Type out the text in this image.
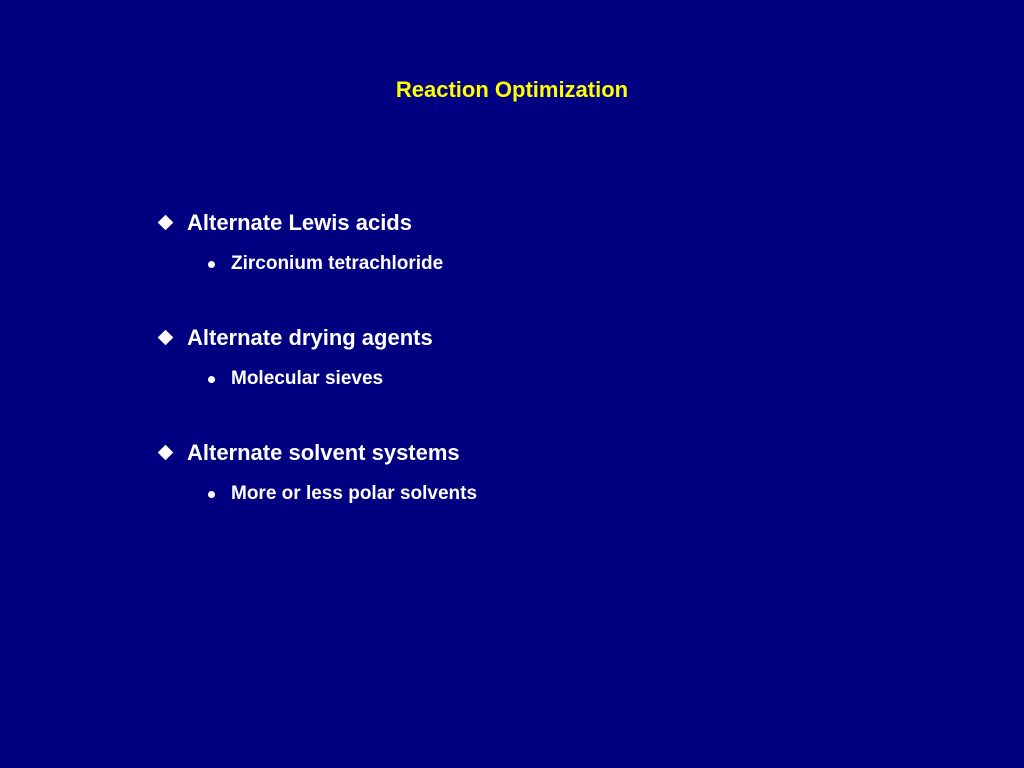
Reaction Optimization
Alternate Lewis acids
Zirconium tetrachloride
Alternate drying agents
Molecular sieves
Alternate solvent systems
More or less polar solvents
